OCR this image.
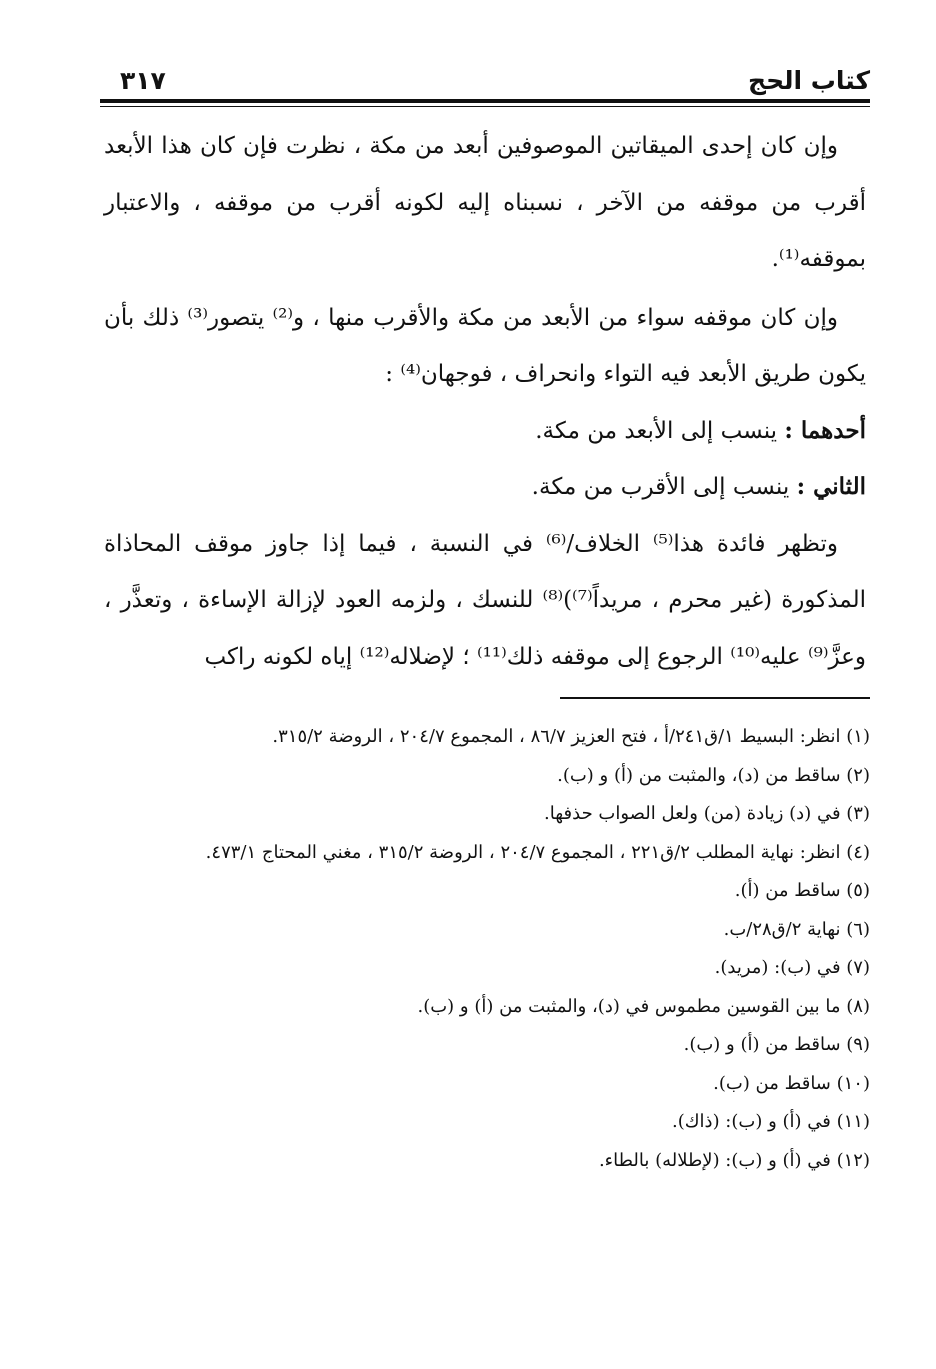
كتاب الحج
٣١٧

وإن كان إحدى الميقاتين الموصوفين أبعد من مكة ، نظرت فإن كان هذا الأبعد أقرب من موقفه من الآخر ، نسبناه إليه لكونه أقرب من موقفه ، والاعتبار بموقفه⁽¹⁾.

وإن كان موقفه سواء من الأبعد من مكة والأقرب منها ، و⁽²⁾ يتصور⁽³⁾ ذلك بأن يكون طريق الأبعد فيه التواء وانحراف ، فوجهان⁽⁴⁾ :

أحدهما : ينسب إلى الأبعد من مكة.

الثاني : ينسب إلى الأقرب من مكة.

وتظهر فائدة هذا⁽⁵⁾ الخلاف/⁽⁶⁾ في النسبة ، فيما إذا جاوز موقف المحاذاة المذكورة (غير محرم ، مريداً⁽⁷⁾)⁽⁸⁾ للنسك ، ولزمه العود لإزالة الإساءة ، وتعذَّر ، وعزَّ⁽⁹⁾ عليه⁽¹⁰⁾ الرجوع إلى موقفه ذلك⁽¹¹⁾ ؛ لإضلاله⁽¹²⁾ إياه لكونه راكب

(١) انظر: البسيط ١/ق٢٤١/أ ، فتح العزيز ٨٦/٧ ، المجموع ٢٠٤/٧ ، الروضة ٣١٥/٢.
(٢) ساقط من (د)، والمثبت من (أ) و (ب).
(٣) في (د) زيادة (من) ولعل الصواب حذفها.
(٤) انظر: نهاية المطلب ٢/ق٢٢١ ، المجموع ٢٠٤/٧ ، الروضة ٣١٥/٢ ، مغني المحتاج ٤٧٣/١.
(٥) ساقط من (أ).
(٦) نهاية ٢/ق٢٨/ب.
(٧) في (ب): (مريد).
(٨) ما بين القوسين مطموس في (د)، والمثبت من (أ) و (ب).
(٩) ساقط من (أ) و (ب).
(١٠) ساقط من (ب).
(١١) في (أ) و (ب): (ذاك).
(١٢) في (أ) و (ب): (لإطلاله) بالطاء.
